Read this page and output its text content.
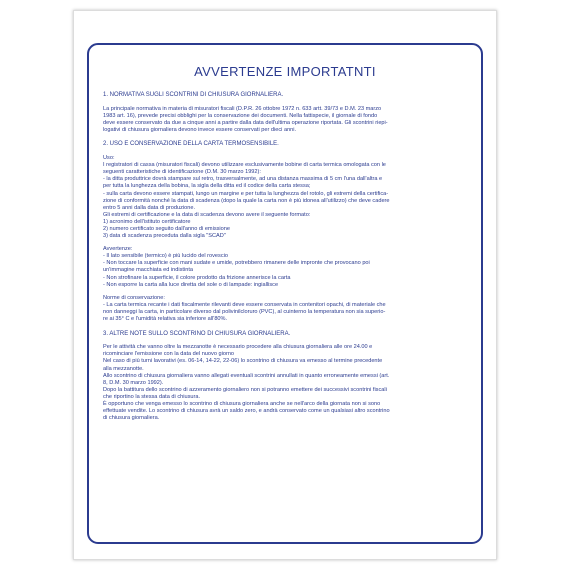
AVVERTENZE IMPORTATNTI
1. NORMATIVA SUGLI SCONTRINI DI CHIUSURA GIORNALIERA.
La principale normativa in materia di misuratori fiscali (D.P.R. 26 ottobre 1972 n. 633 artt. 39/73 e D.M. 23 marzo
1983 art. 16), prevede precisi obblighi per la conservazione dei documenti. Nella fattispecie, il giornale di fondo
deve essere conservato da due a cinque anni a partire dalla data dell'ultima operazione riportata. Gli scontrini riepi-
logativi di chiusura giornaliera devono invece essere conservati per dieci anni.
2. USO E CONSERVAZIONE DELLA CARTA TERMOSENSIBILE.
Uso:
I registratori di cassa (misuratori fiscali) devono utilizzare esclusivamente bobine di carta termica omologata con le
seguenti caratteristiche di identificazione (D.M. 30 marzo 1992):
- la ditta produttrice dovrà stampare sul retro, trasversalmente, ad una distanza massima di 5 cm l'una dall'altra e
per tutta la lunghezza della bobina, la sigla della ditta ed il codice della carta stessa;
- sulla carta devono essere stampati, lungo un margine e per tutta la lunghezza del rotolo, gli estremi della certifica-
zione di conformità nonché la data di scadenza (dopo la quale la carta non è più idonea all'utilizzo) che deve cadere
entro 5 anni dalla data di produzione.
Gli estremi di certificazione e la data di scadenza devono avere il seguente formato:
1) acronimo dell'istituto certificatore
2) numero certificato seguito dall'anno di emissione
3) data di scadenza preceduta dalla sigla "SCAD"
Avvertenze:
- Il lato sensibile (termico) è più lucido del rovescio
- Non toccare la superficie con mani sudate e umide, potrebbero rimanere delle impronte che provocano poi
un'immagine macchiata ed indistinta
- Non strofinare la superficie, il colore prodotto da frizione annerisce la carta
- Non esporre la carta alla luce diretta del sole o di lampade: ingiallisce
Norme di conservazione:
- La carta termica recante i dati fiscalmente rilevanti deve essere conservata in contenitori opachi, di materiale che
non danneggi la carta, in particolare diverso dal polivinilcloruro (PVC), al cuinterno la temperatura non sia superio-
re ai 35° C e l'umidità relativa sia inferiore all'80%.
3. ALTRE NOTE SULLO SCONTRINO DI CHIUSURA GIORNALIERA.
Per le attività che vanno oltre la mezzanotte è necessario procedere alla chiusura giornaliera alle ore 24.00 e
ricominciare l'emissione con la data del nuovo giorno
Nel caso di più turni lavorativi (es. 06-14, 14-22, 22-06) lo scontrino di chiusura va emesso al termine precedente
alla mezzanotte.
Allo scontrino di chiusura giornaliera vanno allegati eventuali scontrini annullati in quanto erroneamente emessi (art.
8, D.M. 30 marzo 1992).
Dopo la battitura dello scontrino di azzeramento giornaliero non si potranno emettere dei successivi scontrini fiscali
che riportino la stessa data di chiusura.
È opportuno che venga emesso lo scontrino di chiusura giornaliera anche se nell'arco della giornata non si sono
effettuate vendite. Lo scontrino di chiusura avrà un saldo zero, e andrà conservato come un qualsiasi altro scontrino
di chiusura giornaliera.
